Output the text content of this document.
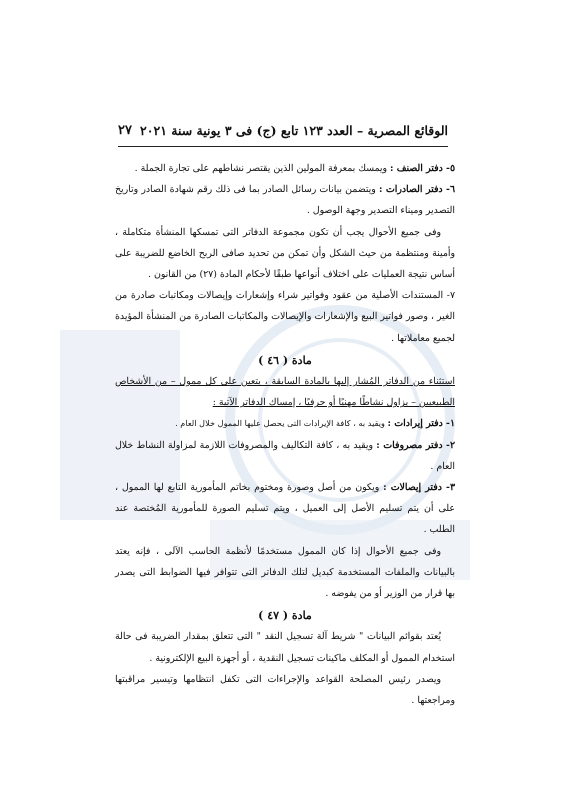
الوقائع المصرية – العدد ١٢٣ تابع (ج) فى ٣ يونية سنة ٢٠٢١
٢٧

٥- دفتر الصنف : ويمسك بمعرفة المولين الذين يقتصر نشاطهم على تجارة الجملة .

٦- دفتر الصادرات : ويتضمن بيانات رسائل الصادر بما فى ذلك رقم شهادة الصادر وتاريخ التصدير وميناء التصدير وجهة الوصول .

وفى جميع الأحوال يجب أن تكون مجموعة الدفاتر التى تمسكها المنشأة متكاملة ، وأمينة ومنتظمة من حيث الشكل وأن تمكن من تحديد صافى الربح الخاضع للضريبة على أساس نتيجة العمليات على اختلاف أنواعها طبقًا لأحكام المادة (٢٧) من القانون .

٧- المستندات الأصلية من عقود وفواتير شراء وإشعارات وإيصالات ومكاتبات صادرة من الغير ، وصور فواتير البيع والإشعارات والإيصالات والمكاتبات الصادرة من المنشأة المؤيدة لجميع معاملاتها .

مادة ( ٤٦ )

استثناء من الدفاتر المُشار إليها بالمادة السابقة ، يتعين على كل ممول – من الأشخاص الطبيعيين – يزاول نشاطًا مهنيًا أو حرفيًا ، إمساك الدفاتر الآتية :

١- دفتر إيرادات : ويقيد به ، كافة الإيرادات التى يحصل عليها الممول خلال العام .

٢- دفتر مصروفات : ويقيد به ، كافة التكاليف والمصروفات اللازمة لمزاولة النشاط خلال العام .

٣- دفتر إيصالات : ويكون من أصل وصورة ومختوم بخاتم المأمورية التابع لها الممول ، على أن يتم تسليم الأصل إلى العميل ، ويتم تسليم الصورة للمأمورية المُختصة عند الطلب .

وفى جميع الأحوال إذا كان الممول مستخدمًا لأنظمة الحاسب الآلى ، فإنه يعتد بالبيانات والملفات المستخدمة كبديل لتلك الدفاتر التى تتوافر فيها الضوابط التى يصدر بها قرار من الوزير أو من يفوضه .

مادة ( ٤٧ )

يُعتد بقوائم البيانات " شريط آلة تسجيل النقد " التى تتعلق بمقدار الضريبة فى حالة استخدام الممول أو المكلف ماكينات تسجيل النقدية ، أو أجهزة البيع الإلكترونية .

ويصدر رئيس المصلحة القواعد والإجراءات التى تكفل انتظامها وتيسير مراقبتها ومراجعتها .
